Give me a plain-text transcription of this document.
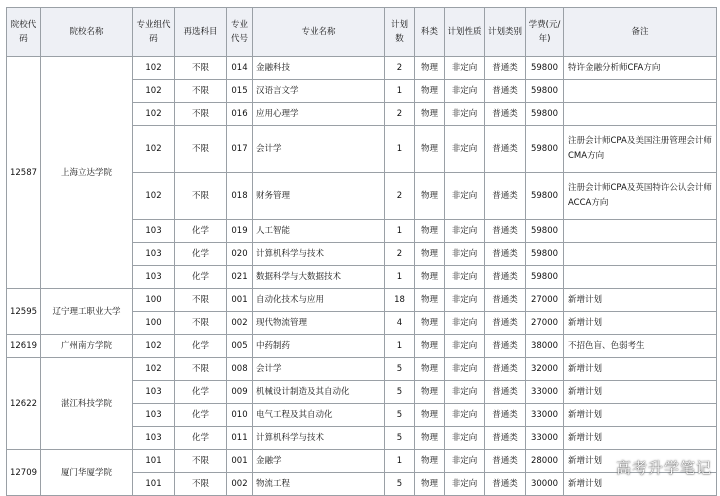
院校代码	院校名称	专业组代码	再选科目	专业代号	专业名称	计划数	科类	计划性质	计划类别	学费(元/年)	备注
12587	上海立达学院	102	不限	014	金融科技	2	物理	非定向	普通类	59800	特许金融分析师CFA方向
		102	不限	015	汉语言文学	1	物理	非定向	普通类	59800	
		102	不限	016	应用心理学	2	物理	非定向	普通类	59800	
		102	不限	017	会计学	1	物理	非定向	普通类	59800	注册会计师CPA及美国注册管理会计师CMA方向
		102	不限	018	财务管理	2	物理	非定向	普通类	59800	注册会计师CPA及英国特许公认会计师ACCA方向
		103	化学	019	人工智能	1	物理	非定向	普通类	59800	
		103	化学	020	计算机科学与技术	2	物理	非定向	普通类	59800	
		103	化学	021	数据科学与大数据技术	1	物理	非定向	普通类	59800	
12595	辽宁理工职业大学	100	不限	001	自动化技术与应用	18	物理	非定向	普通类	27000	新增计划
		100	不限	002	现代物流管理	4	物理	非定向	普通类	27000	新增计划
12619	广州南方学院	102	化学	005	中药制药	1	物理	非定向	普通类	38000	不招色盲、色弱考生
12622	湛江科技学院	102	不限	008	会计学	5	物理	非定向	普通类	32000	新增计划
		103	化学	009	机械设计制造及其自动化	5	物理	非定向	普通类	33000	新增计划
		103	化学	010	电气工程及其自动化	5	物理	非定向	普通类	33000	新增计划
		103	化学	011	计算机科学与技术	5	物理	非定向	普通类	33000	新增计划
12709	厦门华厦学院	101	不限	001	金融学	1	物理	非定向	普通类	28000	新增计划
		101	不限	002	物流工程	5	物理	非定向	普通类	30000	新增计划
高考升学笔记
